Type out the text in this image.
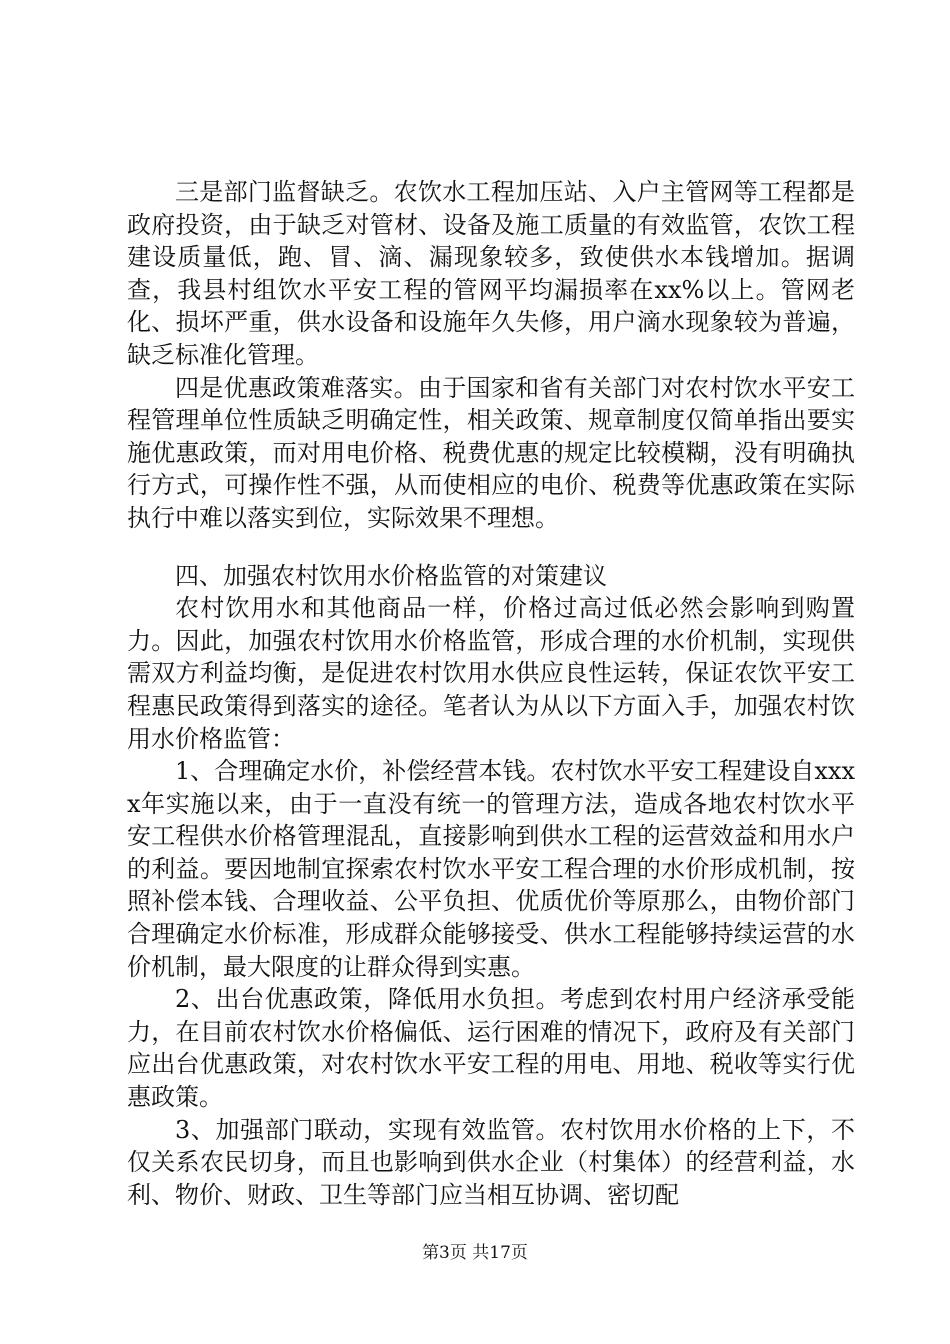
三是部门监督缺乏。农饮水工程加压站、入户主管网等工程都是政府投资，由于缺乏对管材、设备及施工质量的有效监管，农饮工程建设质量低，跑、冒、滴、漏现象较多，致使供水本钱增加。据调查，我县村组饮水平安工程的管网平均漏损率在xx%以上。管网老化、损坏严重，供水设备和设施年久失修，用户滴水现象较为普遍，缺乏标准化管理。

四是优惠政策难落实。由于国家和省有关部门对农村饮水平安工程管理单位性质缺乏明确定性，相关政策、规章制度仅简单指出要实施优惠政策，而对用电价格、税费优惠的规定比较模糊，没有明确执行方式，可操作性不强，从而使相应的电价、税费等优惠政策在实际执行中难以落实到位，实际效果不理想。

四、加强农村饮用水价格监管的对策建议

农村饮用水和其他商品一样，价格过高过低必然会影响到购置力。因此，加强农村饮用水价格监管，形成合理的水价机制，实现供需双方利益均衡，是促进农村饮用水供应良性运转，保证农饮平安工程惠民政策得到落实的途径。笔者认为从以下方面入手，加强农村饮用水价格监管：

1、合理确定水价，补偿经营本钱。农村饮水平安工程建设自xxxx年实施以来，由于一直没有统一的管理方法，造成各地农村饮水平安工程供水价格管理混乱，直接影响到供水工程的运营效益和用水户的利益。要因地制宜探索农村饮水平安工程合理的水价形成机制，按照补偿本钱、合理收益、公平负担、优质优价等原那么，由物价部门合理确定水价标准，形成群众能够接受、供水工程能够持续运营的水价机制，最大限度的让群众得到实惠。

2、出台优惠政策，降低用水负担。考虑到农村用户经济承受能力，在目前农村饮水价格偏低、运行困难的情况下，政府及有关部门应出台优惠政策，对农村饮水平安工程的用电、用地、税收等实行优惠政策。

3、加强部门联动，实现有效监管。农村饮用水价格的上下，不仅关系农民切身，而且也影响到供水企业（村集体）的经营利益，水利、物价、财政、卫生等部门应当相互协调、密切配

第3页 共17页
